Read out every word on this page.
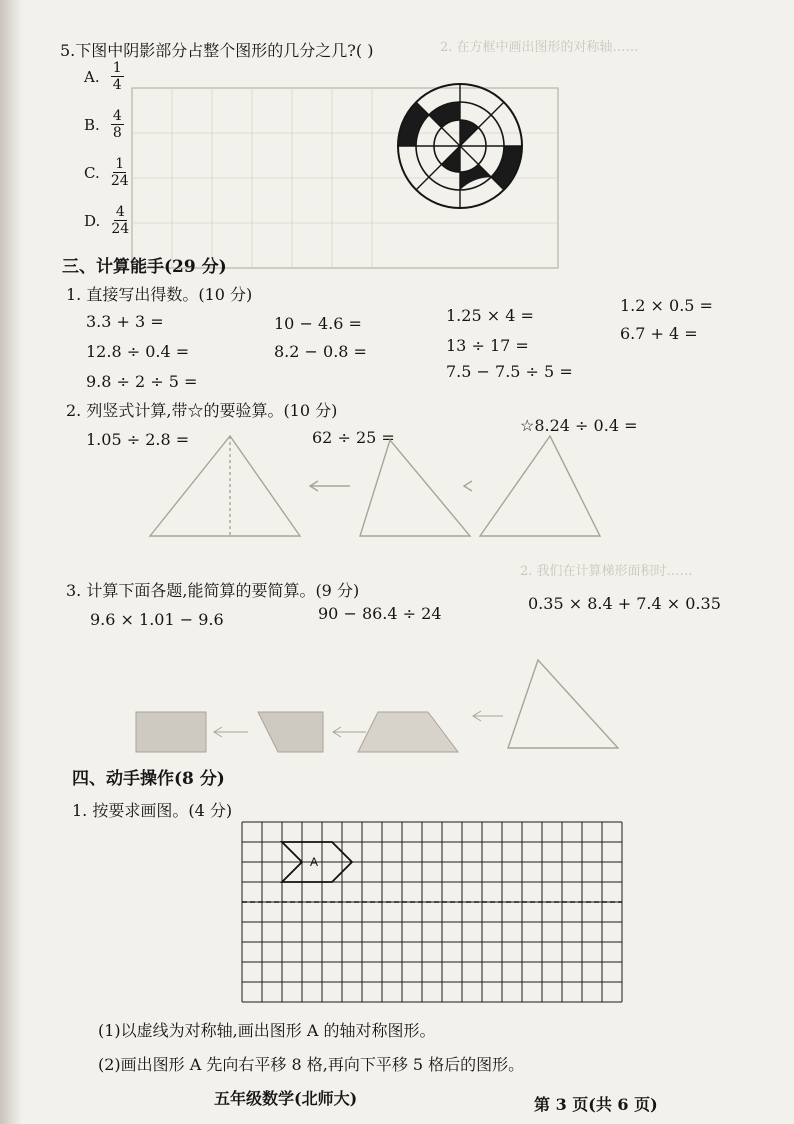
2. 在方框中画出图形的对称轴……
2. 我们在计算梯形面积时……
5.下图中阴影部分占整个图形的几分之几?( )
A. $\frac{1}{4}$
B. $\frac{4}{8}$
C. $\frac{1}{24}$
D. $\frac{4}{24}$
三、计算能手(29 分)
1. 直接写出得数。(10 分)
3.3 + 3 =	10 − 4.6 =	1.25 × 4 =
1.2 × 0.5 =
12.8 ÷ 0.4 =	8.2 − 0.8 =	13 ÷ 17 =
6.7 + 4 =
9.8 ÷ 2 ÷ 5 =
7.5 − 7.5 ÷ 5 =
2. 列竖式计算,带☆的要验算。(10 分)
1.05 ÷ 2.8 =	62 ÷ 25 =
☆8.24 ÷ 0.4 =
3. 计算下面各题,能简算的要简算。(9 分)
9.6 × 1.01 − 9.6	90 − 86.4 ÷ 24
0.35 × 8.4 + 7.4 × 0.35
四、动手操作(8 分)
1. 按要求画图。(4 分)
A
(1)以虚线为对称轴,画出图形 A 的轴对称图形。
(2)画出图形 A 先向右平移 8 格,再向下平移 5 格后的图形。
五年级数学(北师大)	第 3 页(共 6 页)
